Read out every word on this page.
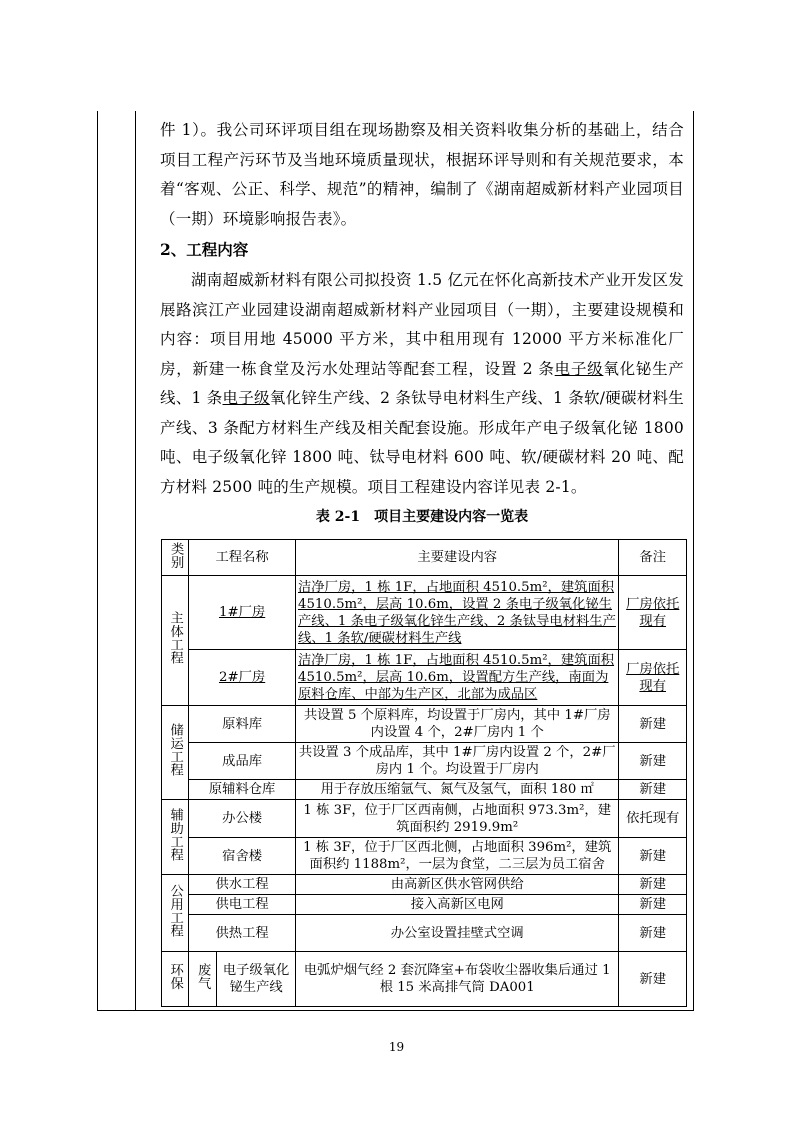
件 1）。我公司环评项目组在现场勘察及相关资料收集分析的基础上，结合项目工程产污环节及当地环境质量现状，根据环评导则和有关规范要求，本着“客观、公正、科学、规范”的精神，编制了《湖南超威新材料产业园项目（一期）环境影响报告表》。

2、工程内容

湖南超威新材料有限公司拟投资 1.5 亿元在怀化高新技术产业开发区发展路滨江产业园建设湖南超威新材料产业园项目（一期），主要建设规模和内容：项目用地 45000 平方米，其中租用现有 12000 平方米标准化厂房，新建一栋食堂及污水处理站等配套工程，设置 2 条电子级氧化铋生产线、1 条电子级氧化锌生产线、2 条钛导电材料生产线、1 条软/硬碳材料生产线、3 条配方材料生产线及相关配套设施。形成年产电子级氧化铋 1800 吨、电子级氧化锌 1800 吨、钛导电材料 600 吨、软/硬碳材料 20 吨、配方材料 2500 吨的生产规模。项目工程建设内容详见表 2-1。

表 2-1　项目主要建设内容一览表
类别	工程名称		主要建设内容	备注
主体工程	1#厂房		洁净厂房，1 栋 1F，占地面积 4510.5m²，建筑面积 4510.5m²，层高 10.6m，设置 2 条电子级氧化铋生产线、1 条电子级氧化锌生产线、2 条钛导电材料生产线、1 条软/硬碳材料生产线	厂房依托现有
	2#厂房		洁净厂房，1 栋 1F，占地面积 4510.5m²，建筑面积 4510.5m²，层高 10.6m，设置配方生产线，南面为原料仓库、中部为生产区，北部为成品区	厂房依托现有
储运工程	原料库		共设置 5 个原料库，均设置于厂房内，其中 1#厂房内设置 4 个，2#厂房内 1 个	新建
	成品库		共设置 3 个成品库，其中 1#厂房内设置 2 个，2#厂房内 1 个。均设置于厂房内	新建
	原辅料仓库		用于存放压缩氩气、氮气及氢气，面积 180 ㎡	新建
辅助工程	办公楼		1 栋 3F，位于厂区西南侧，占地面积 973.3m²，建筑面积约 2919.9m²	依托现有
	宿舍楼		1 栋 3F，位于厂区西北侧，占地面积 396m²，建筑面积约 1188m²，一层为食堂，二三层为员工宿舍	新建
公用工程	供水工程		由高新区供水管网供给	新建
	供电工程		接入高新区电网	新建
	供热工程		办公室设置挂壁式空调	新建
环保	废气	电子级氧化铋生产线	电弧炉烟气经 2 套沉降室+布袋收尘器收集后通过 1 根 15 米高排气筒 DA001	新建
19
